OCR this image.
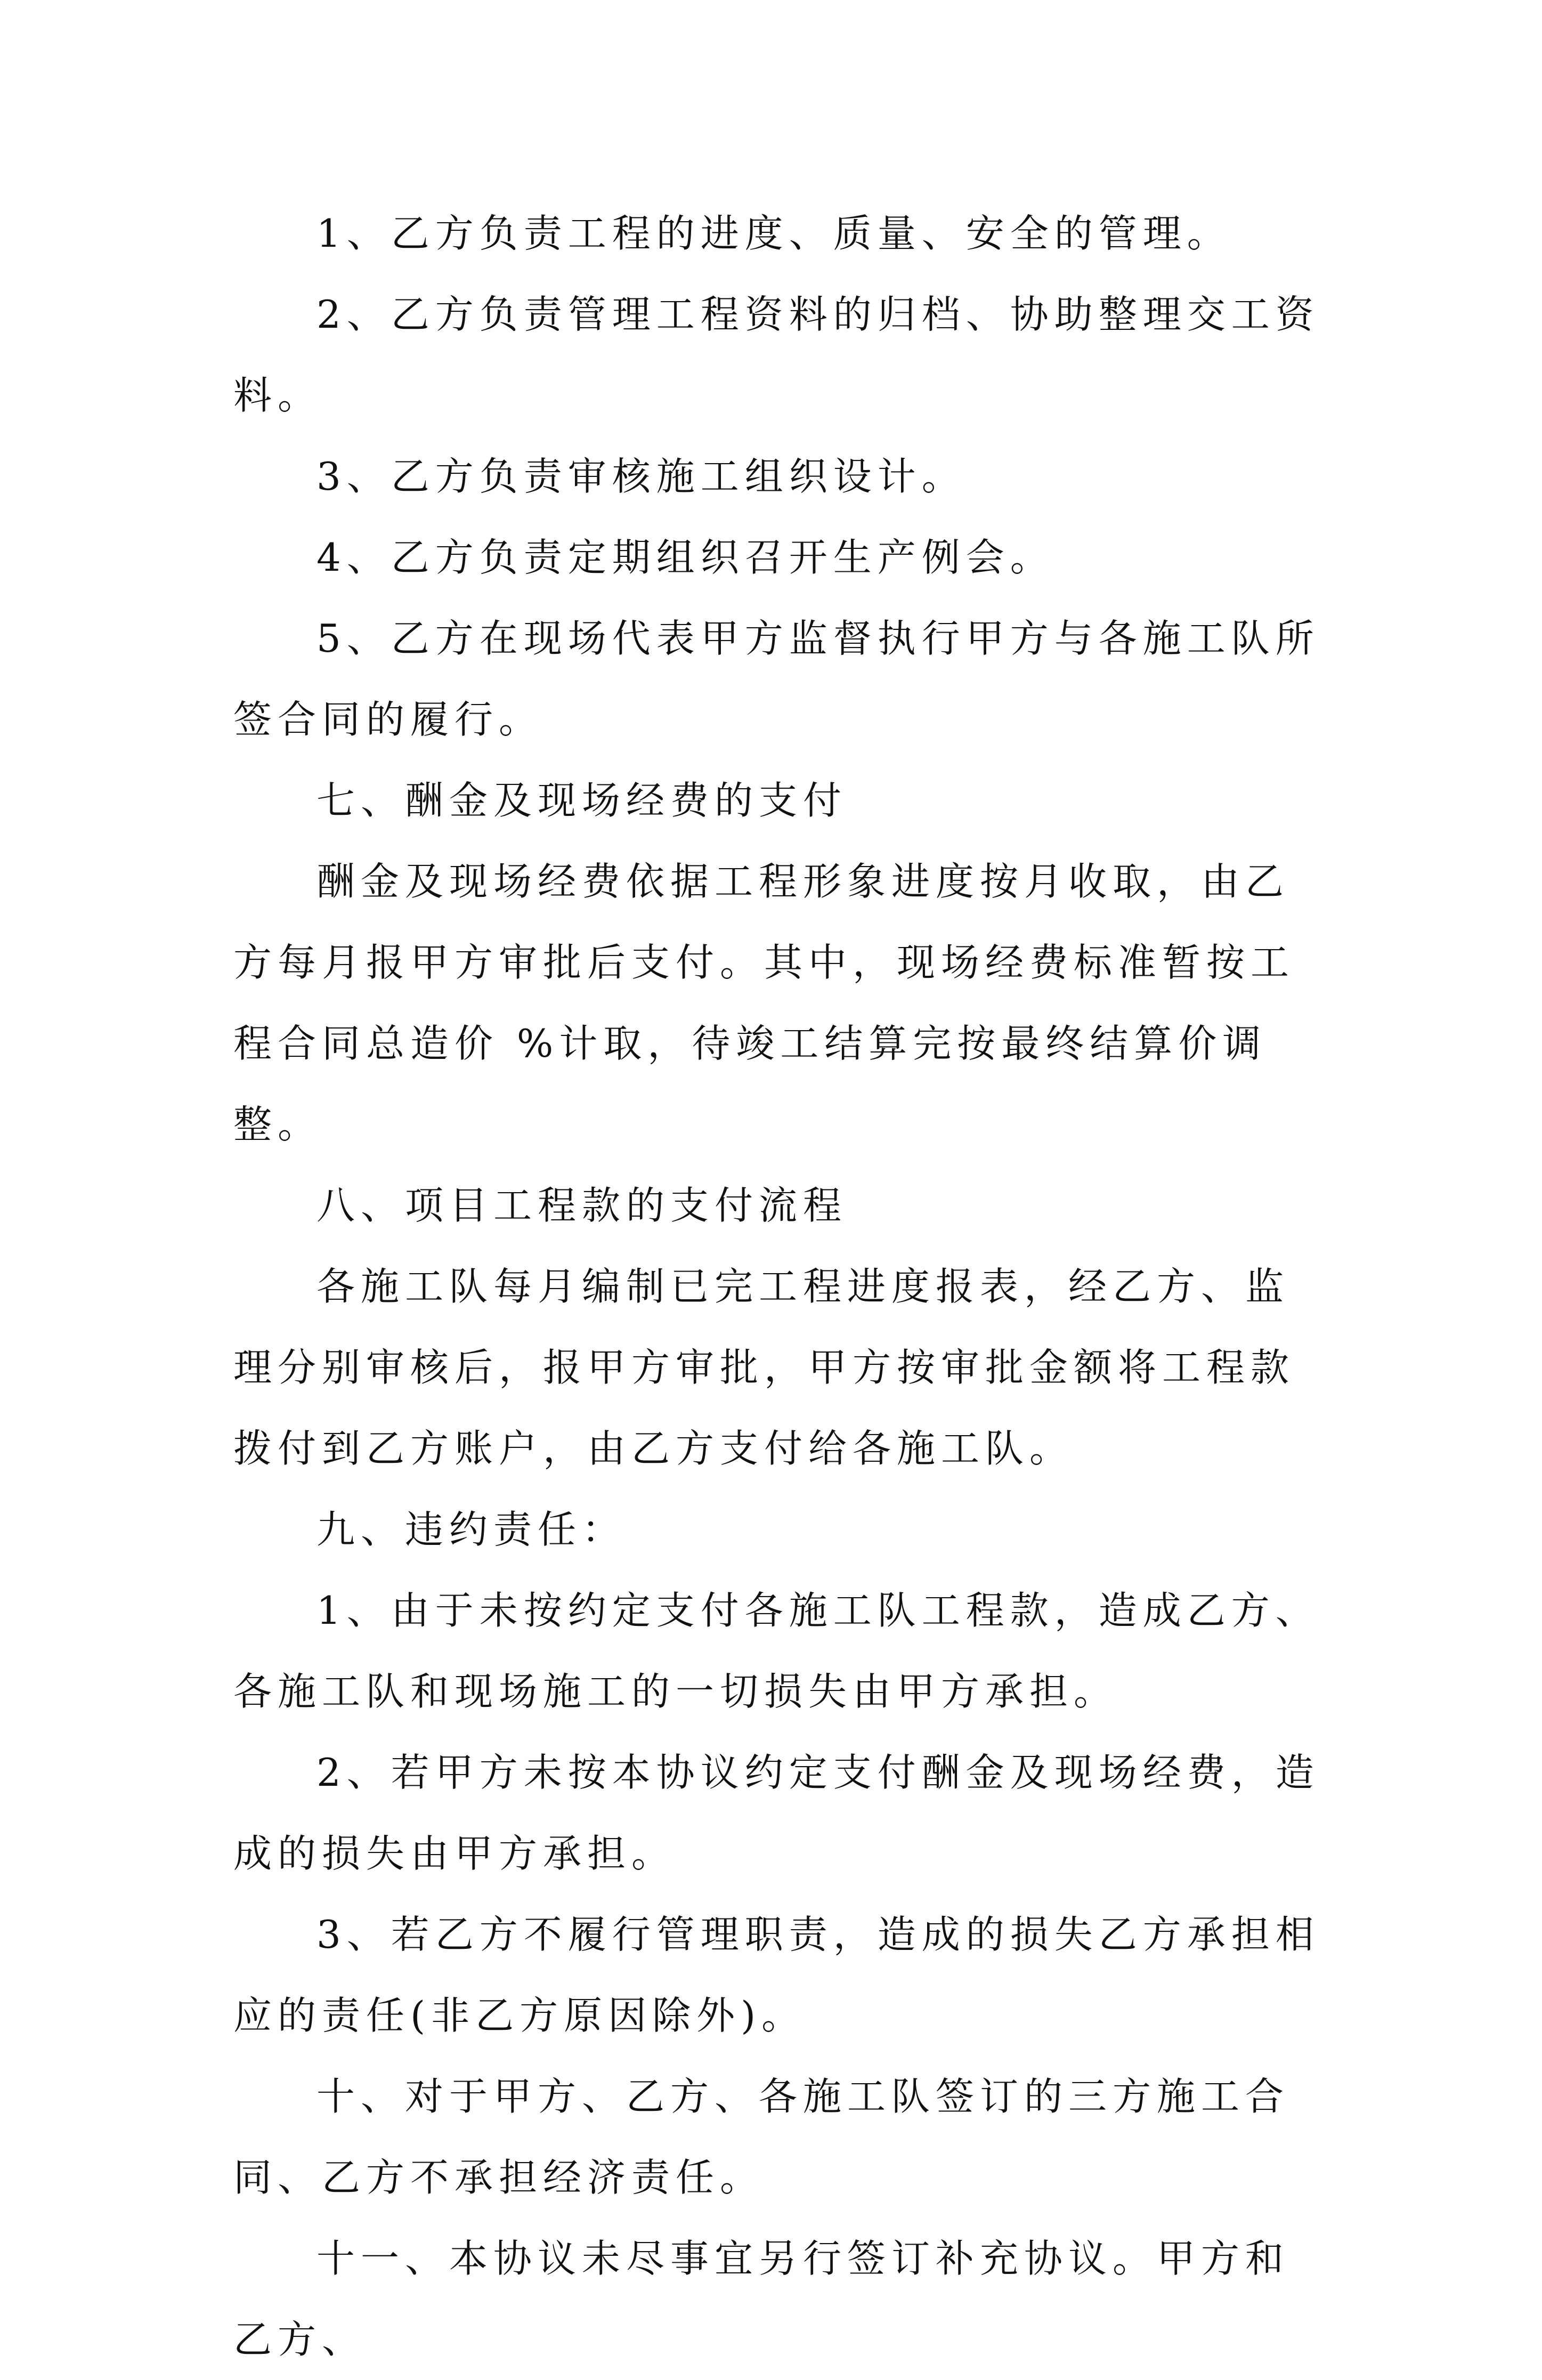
1、乙方负责工程的进度、质量、安全的管理。

2、乙方负责管理工程资料的归档、协助整理交工资料。

3、乙方负责审核施工组织设计。

4、乙方负责定期组织召开生产例会。

5、乙方在现场代表甲方监督执行甲方与各施工队所签合同的履行。

七、酬金及现场经费的支付

酬金及现场经费依据工程形象进度按月收取，由乙方每月报甲方审批后支付。其中，现场经费标准暂按工程合同总造价 %计取，待竣工结算完按最终结算价调整。

八、项目工程款的支付流程

各施工队每月编制已完工程进度报表，经乙方、监理分别审核后，报甲方审批，甲方按审批金额将工程款拨付到乙方账户，由乙方支付给各施工队。

九、违约责任：

1、由于未按约定支付各施工队工程款，造成乙方、各施工队和现场施工的一切损失由甲方承担。

2、若甲方未按本协议约定支付酬金及现场经费，造成的损失由甲方承担。

3、若乙方不履行管理职责，造成的损失乙方承担相应的责任(非乙方原因除外)。

十、对于甲方、乙方、各施工队签订的三方施工合同、乙方不承担经济责任。

十一、本协议未尽事宜另行签订补充协议。甲方和乙方、
